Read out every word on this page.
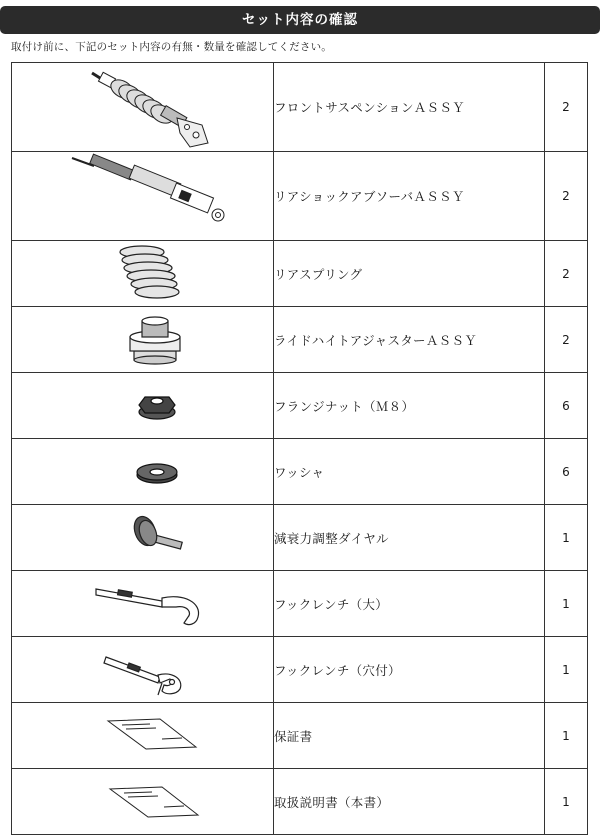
セット内容の確認
取付け前に、下記のセット内容の有無・数量を確認してください。
	フロントサスペンションＡＳＳＹ	2

	リアショックアブソーバＡＳＳＹ	2

	リアスプリング	2

	ライドハイトアジャスターＡＳＳＹ	2

	フランジナット（Ｍ８）	6

	ワッシャ	6

	減衰力調整ダイヤル	1

	フックレンチ（大）	1

	フックレンチ（穴付）	1

	保証書	1

	取扱説明書（本書）	1
